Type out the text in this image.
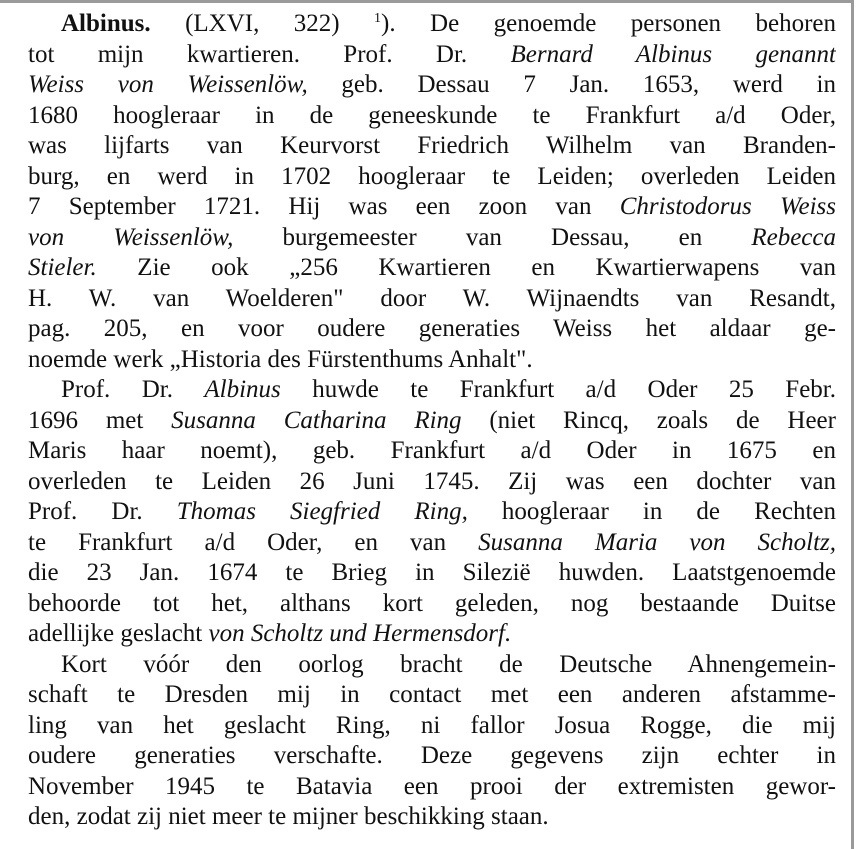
Albinus. (LXVI, 322) $^1$). De genoemde personen behoren
tot mijn kwartieren. Prof. Dr. Bernard Albinus genannt
Weiss von Weissenlöw, geb. Dessau 7 Jan. 1653, werd in
1680 hoogleraar in de geneeskunde te Frankfurt a/d Oder,
was lijfarts van Keurvorst Friedrich Wilhelm van Branden-
burg, en werd in 1702 hoogleraar te Leiden; overleden Leiden
7 September 1721. Hij was een zoon van Christodorus Weiss
von Weissenlöw, burgemeester van Dessau, en Rebecca
Stieler. Zie ook „256 Kwartieren en Kwartierwapens van
H. W. van Woelderen" door W. Wijnaendts van Resandt,
pag. 205, en voor oudere generaties Weiss het aldaar ge-
noemde werk „Historia des Fürstenthums Anhalt".
Prof. Dr. Albinus huwde te Frankfurt a/d Oder 25 Febr.
1696 met Susanna Catharina Ring (niet Rincq, zoals de Heer
Maris haar noemt), geb. Frankfurt a/d Oder in 1675 en
overleden te Leiden 26 Juni 1745. Zij was een dochter van
Prof. Dr. Thomas Siegfried Ring, hoogleraar in de Rechten
te Frankfurt a/d Oder, en van Susanna Maria von Scholtz,
die 23 Jan. 1674 te Brieg in Silezië huwden. Laatstgenoemde
behoorde tot het, althans kort geleden, nog bestaande Duitse
adellijke geslacht von Scholtz und Hermensdorf.
Kort vóór den oorlog bracht de Deutsche Ahnengemein-
schaft te Dresden mij in contact met een anderen afstamme-
ling van het geslacht Ring, ni fallor Josua Rogge, die mij
oudere generaties verschafte. Deze gegevens zijn echter in
November 1945 te Batavia een prooi der extremisten gewor-
den, zodat zij niet meer te mijner beschikking staan.
